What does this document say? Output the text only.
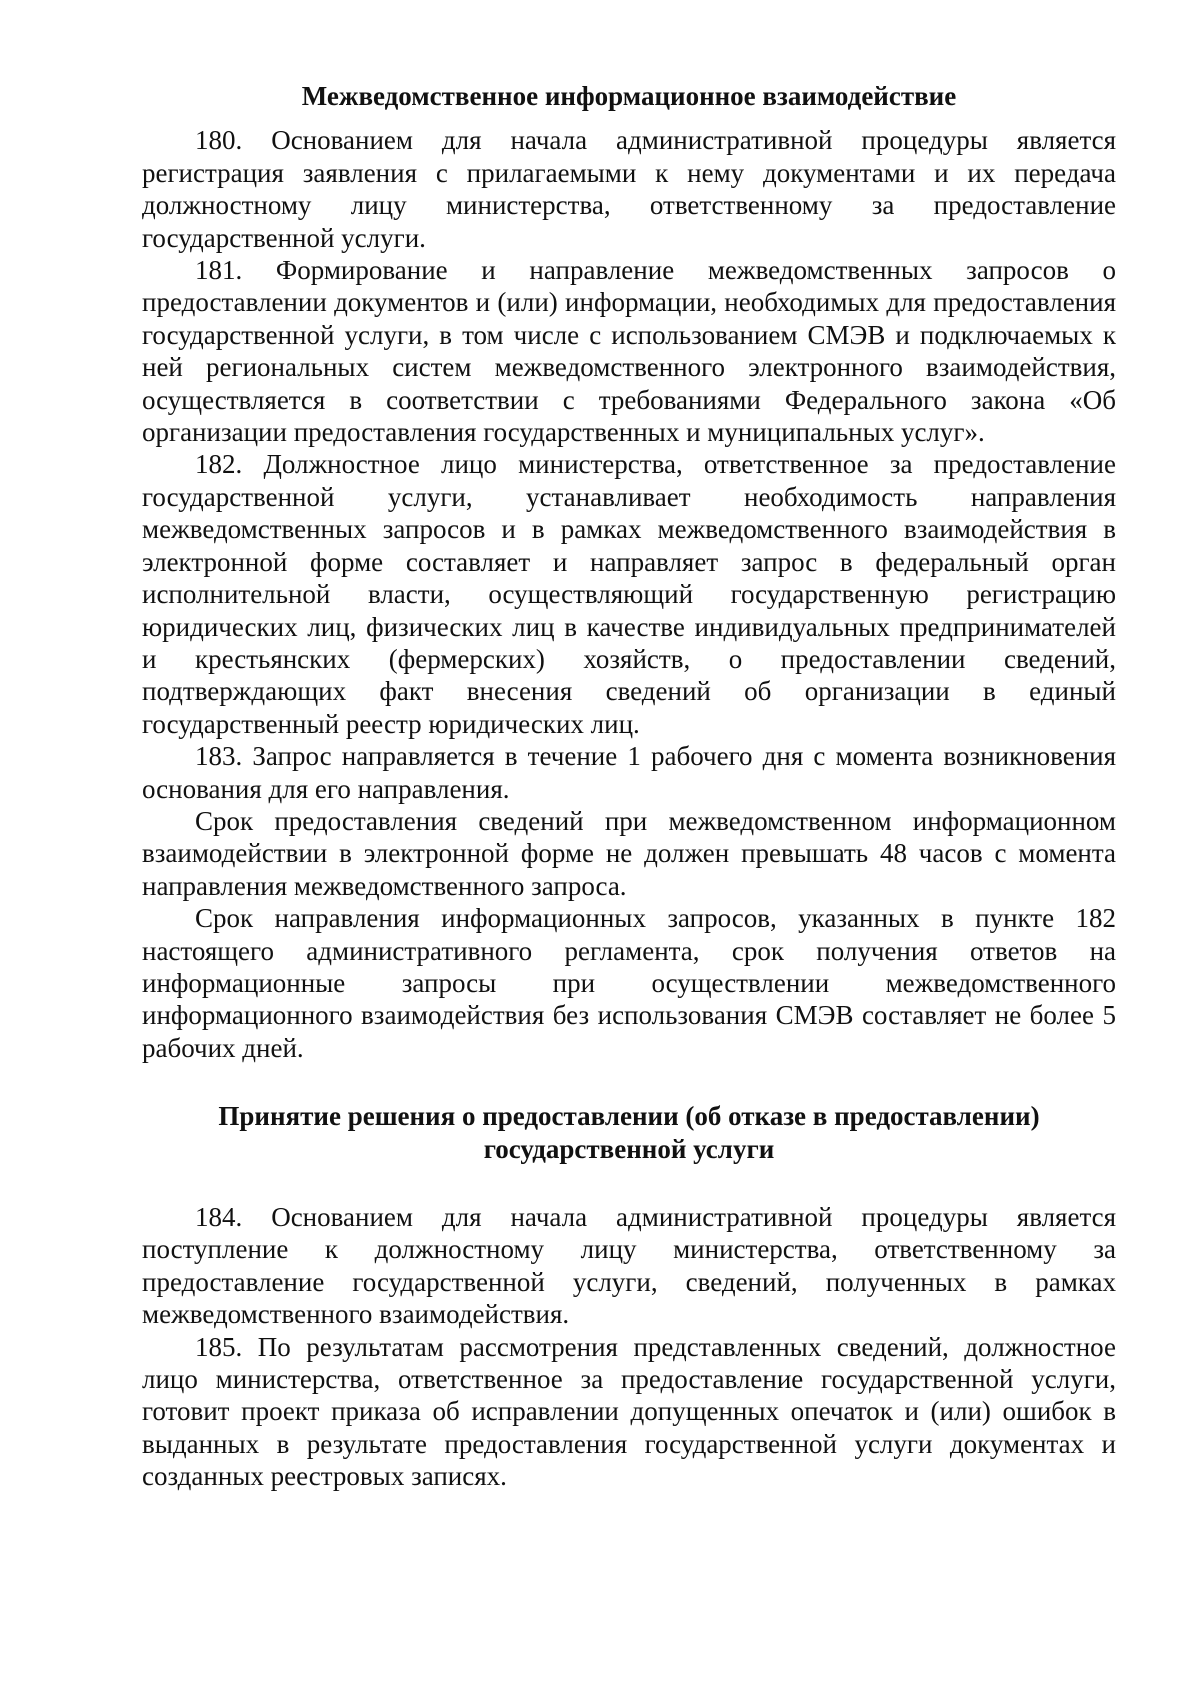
Межведомственное информационное взаимодействие

180. Основанием для начала административной процедуры является регистрация заявления с прилагаемыми к нему документами и их передача должностному лицу министерства, ответственному за предоставление государственной услуги.

181. Формирование и направление межведомственных запросов о предоставлении документов и (или) информации, необходимых для предоставления государственной услуги, в том числе с использованием СМЭВ и подключаемых к ней региональных систем межведомственного электронного взаимодействия, осуществляется в соответствии с требованиями Федерального закона «Об организации предоставления государственных и муниципальных услуг».

182. Должностное лицо министерства, ответственное за предоставление государственной услуги, устанавливает необходимость направления межведомственных запросов и в рамках межведомственного взаимодействия в электронной форме составляет и направляет запрос в федеральный орган исполнительной власти, осуществляющий государственную регистрацию юридических лиц, физических лиц в качестве индивидуальных предпринимателей и крестьянских (фермерских) хозяйств, о предоставлении сведений, подтверждающих факт внесения сведений об организации в единый государственный реестр юридических лиц.

183. Запрос направляется в течение 1 рабочего дня с момента возникновения основания для его направления.

Срок предоставления сведений при межведомственном информационном взаимодействии в электронной форме не должен превышать 48 часов с момента направления межведомственного запроса.

Срок направления информационных запросов, указанных в пункте 182 настоящего административного регламента, срок получения ответов на информационные запросы при осуществлении межведомственного информационного взаимодействия без использования СМЭВ составляет не более 5 рабочих дней.

Принятие решения о предоставлении (об отказе в предоставлении) государственной услуги

184. Основанием для начала административной процедуры является поступление к должностному лицу министерства, ответственному за предоставление государственной услуги, сведений, полученных в рамках межведомственного взаимодействия.

185. По результатам рассмотрения представленных сведений, должностное лицо министерства, ответственное за предоставление государственной услуги, готовит проект приказа об исправлении допущенных опечаток и (или) ошибок в выданных в результате предоставления государственной услуги документах и созданных реестровых записях.
